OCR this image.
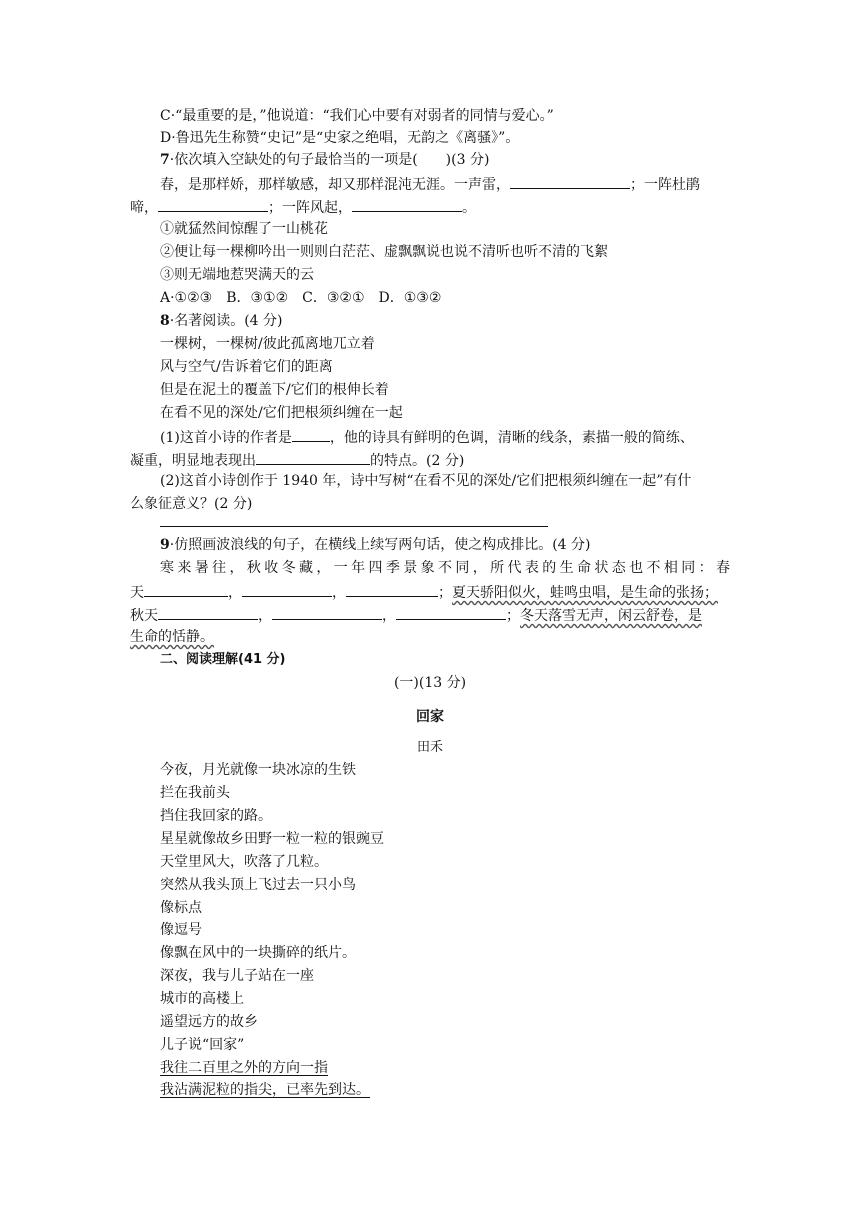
C·“最重要的是，”他说道：“我们心中要有对弱者的同情与爱心。”
D·鲁迅先生称赞“史记”是“史家之绝唱，无韵之《离骚》”。
7·依次填入空缺处的句子最恰当的一项是(　　)(3 分)
春，是那样娇，那样敏感，却又那样混沌无涯。一声雷，	；一阵杜鹃
啼，	；一阵风起，	。
①就猛然间惊醒了一山桃花
②便让每一棵柳吟出一则则白茫茫、虚飘飘说也说不清听也听不清的飞絮
③则无端地惹哭满天的云
A·①②③　B．③①②　C．③②①　D．①③②
8·名著阅读。(4 分)
一棵树，一棵树/彼此孤离地兀立着
风与空气/告诉着它们的距离
但是在泥土的覆盖下/它们的根伸长着
在看不见的深处/它们把根须纠缠在一起
(1)这首小诗的作者是	，他的诗具有鲜明的色调，清晰的线条，素描一般的简练、
凝重，明显地表现出	的特点。(2 分)
(2)这首小诗创作于 1940 年，诗中写树“在看不见的深处/它们把根须纠缠在一起”有什
么象征意义？(2 分)
9·仿照画波浪线的句子，在横线上续写两句话，使之构成排比。(4 分)
寒来暑往，秋收冬藏，一年四季景象不同，所代表的生命状态也不相同：春
天	，	，	；夏天骄阳似火，蛙鸣虫唱，是生命的张扬；
秋天	，	，	；冬天落雪无声，闲云舒卷，是
生命的恬静。
二、阅读理解(41 分)
(一)(13 分)
回家
田禾
今夜，月光就像一块冰凉的生铁
拦在我前头
挡住我回家的路。
星星就像故乡田野一粒一粒的银豌豆
天堂里风大，吹落了几粒。
突然从我头顶上飞过去一只小鸟
像标点
像逗号
像飘在风中的一块撕碎的纸片。
深夜，我与儿子站在一座
城市的高楼上
遥望远方的故乡
儿子说“回家”
我往二百里之外的方向一指
我沾满泥粒的指尖，已率先到达。
